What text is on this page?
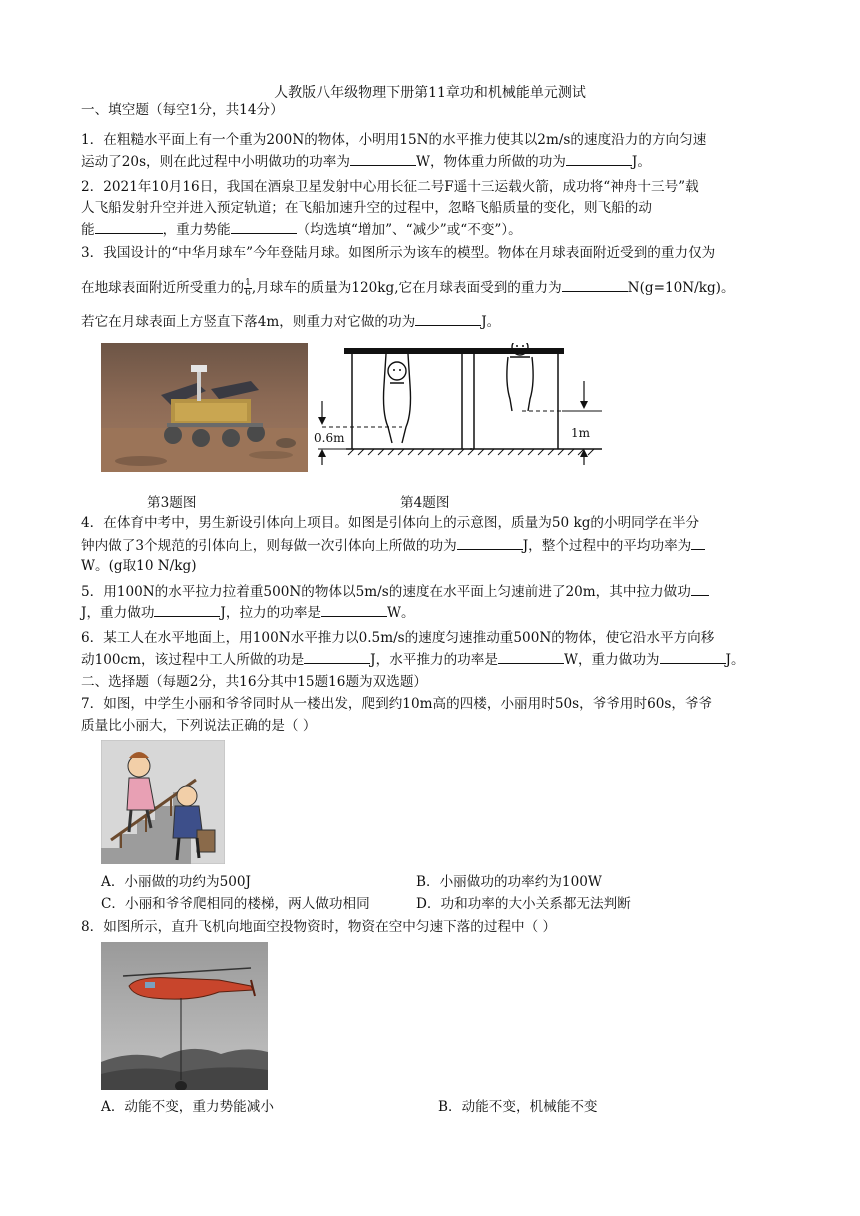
人教版八年级物理下册第11章功和机械能单元测试
一、填空题（每空1分，共14分）
1．在粗糙水平面上有一个重为200N的物体，小明用15N的水平推力使其以2m/s的速度沿力的方向匀速
运动了20s，则在此过程中小明做功的功率为	W，物体重力所做的功为	J。
2．2021年10月16日，我国在酒泉卫星发射中心用长征二号F遥十三运载火箭，成功将“神舟十三号”载
人飞船发射升空并进入预定轨道；在飞船加速升空的过程中，忽略飞船质量的变化，则飞船的动
能	，重力势能	（均选填“增加”、“减少”或“不变”）。
3．我国设计的“中华月球车”今年登陆月球。如图所示为该车的模型。物体在月球表面附近受到的重力仅为
在地球表面附近所受重力的 $\frac{1}{6}$ ,月球车的质量为120kg,它在月球表面受到的重力为	N(g=10N/kg)。
若它在月球表面上方竖直下落4m，则重力对它做的功为	J。
0.6m	1m
第3题图	第4题图
4．在体育中考中，男生新设引体向上项目。如图是引体向上的示意图，质量为50 kg的小明同学在半分
钟内做了3个规范的引体向上，则每做一次引体向上所做的功为	J，整个过程中的平均功率为
W。(g取10 N/kg)
5．用100N的水平拉力拉着重500N的物体以5m/s的速度在水平面上匀速前进了20m，其中拉力做功
J，重力做功	J，拉力的功率是	W。
6．某工人在水平地面上，用100N水平推力以0.5m/s的速度匀速推动重500N的物体，使它沿水平方向移
动100cm，该过程中工人所做的功是	J，水平推力的功率是	W，重力做功为	J。
二、选择题（每题2分，共16分其中15题16题为双选题）
7．如图，中学生小丽和爷爷同时从一楼出发，爬到约10m高的四楼，小丽用时50s，爷爷用时60s，爷爷
质量比小丽大，下列说法正确的是（ ）
A．小丽做的功约为500J	B．小丽做功的功率约为100W
C．小丽和爷爷爬相同的楼梯，两人做功相同	D．功和功率的大小关系都无法判断
8．如图所示，直升飞机向地面空投物资时，物资在空中匀速下落的过程中（ ）
A．动能不变，重力势能减小	B．动能不变，机械能不变
